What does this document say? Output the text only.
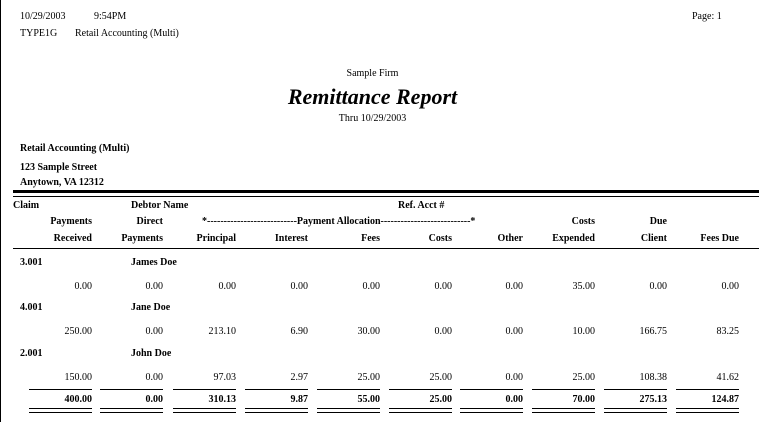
10/29/2003	9:54PM
TYPE1G Retail Accounting (Multi)
Page: 1
Sample Firm
Remittance Report
Thru 10/29/2003
Retail Accounting (Multi)
123 Sample Street
Anytown, VA 12312
Claim	Debtor Name	Ref. Acct #
Payments	Direct	*---------------------------Payment Allocation---------------------------*	Costs	Due
Received	Payments	Principal	Interest	Fees	Costs	Other	Expended	Client	Fees Due
3.001	James Doe
0.00	0.00	0.00	0.00	0.00	0.00	0.00	35.00	0.00	0.00
4.001	Jane Doe
250.00	0.00	213.10	6.90	30.00	0.00	0.00	10.00	166.75	83.25
2.001	John Doe
150.00	0.00	97.03	2.97	25.00	25.00	0.00	25.00	108.38	41.62
400.00	0.00	310.13	9.87	55.00	25.00	0.00	70.00	275.13	124.87
